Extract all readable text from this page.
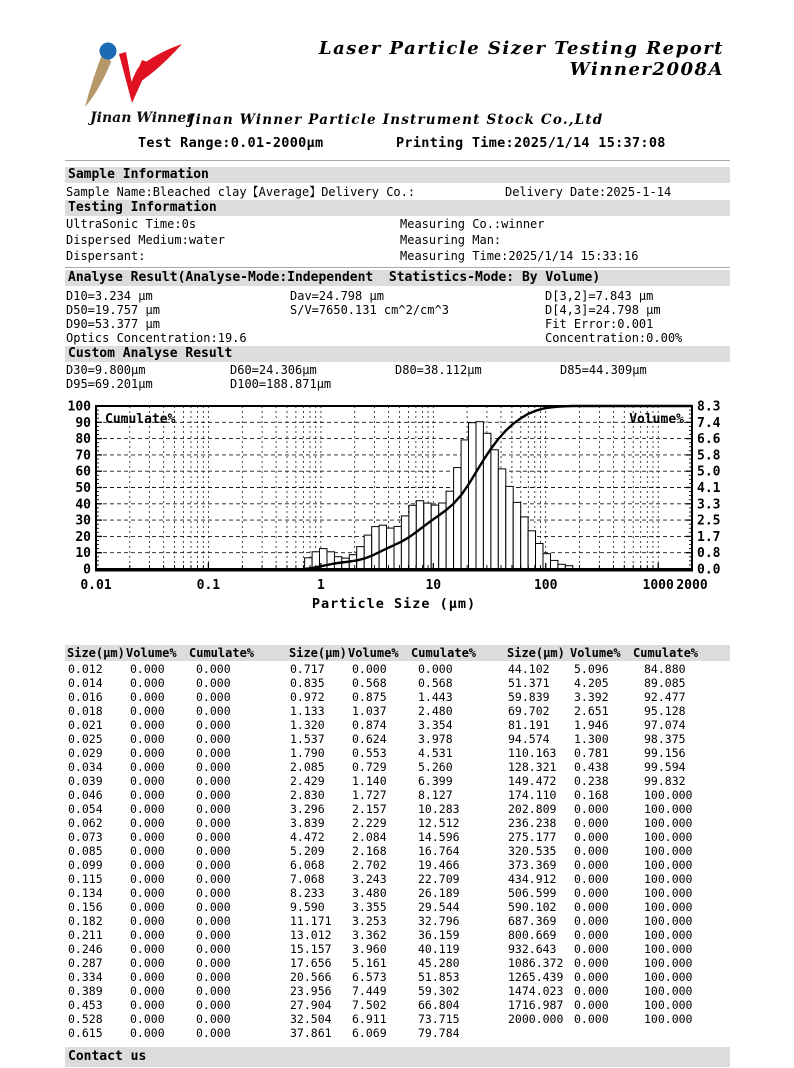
Jinan Winner
Laser Particle Sizer Testing Report
Winner2008A
Jinan Winner Particle Instrument Stock Co.,Ltd
Test Range:0.01-2000μm	Printing Time:2025/1/14 15:37:08
Sample Information
Sample Name:Bleached clay【Average】Delivery Co.:	Delivery Date:2025-1-14
Testing Information
UltraSonic Time:0s	Measuring Co.:winner
Dispersed Medium:water	Measuring Man:
Dispersant:	Measuring Time:2025/1/14 15:33:16
Analyse Result(Analyse-Mode:Independent  Statistics-Mode: By Volume)
D10=3.234 μm
D50=19.757 μm
D90=53.377 μm
Optics Concentration:19.6
Dav=24.798 μm
S/V=7650.131 cm^2/cm^3
D[3,2]=7.843 μm
D[4,3]=24.798 μm
Fit Error:0.001
Concentration:0.00%
Custom Analyse Result
D30=9.800μm	D60=24.306μm	D80=38.112μm	D85=44.309μm
D95=69.201μm	D100=188.871μm
0
10
20
30
40
50
60
70
80
90
100	8.3
7.4
6.6
5.8
5.0
4.1
3.3
2.5
1.7
0.8
0.0
0.01	0.1	1	10	100	1000 2000
Cumulate%	Volume%
Particle Size (μm)
Size(μm) Volume% Cumulate%	Size(μm) Volume% Cumulate%	Size(μm) Volume% Cumulate%
0.012 0.000	0.000	0.717 0.000	0.000	44.102 5.096	84.880
0.014 0.000	0.000	0.835 0.568	0.568	51.371 4.205	89.085
0.016 0.000	0.000	0.972 0.875	1.443	59.839 3.392	92.477
0.018 0.000	0.000	1.133 1.037	2.480	69.702 2.651	95.128
0.021 0.000	0.000	1.320 0.874	3.354	81.191 1.946	97.074
0.025 0.000	0.000	1.537 0.624	3.978	94.574 1.300	98.375
0.029 0.000	0.000	1.790 0.553	4.531	110.163 0.781	99.156
0.034 0.000	0.000	2.085 0.729	5.260	128.321 0.438	99.594
0.039 0.000	0.000	2.429 1.140	6.399	149.472 0.238	99.832
0.046 0.000	0.000	2.830 1.727	8.127	174.110 0.168	100.000
0.054 0.000	0.000	3.296 2.157	10.283	202.809 0.000	100.000
0.062 0.000	0.000	3.839 2.229	12.512	236.238 0.000	100.000
0.073 0.000	0.000	4.472 2.084	14.596	275.177 0.000	100.000
0.085 0.000	0.000	5.209 2.168	16.764	320.535 0.000	100.000
0.099 0.000	0.000	6.068 2.702	19.466	373.369 0.000	100.000
0.115 0.000	0.000	7.068 3.243	22.709	434.912 0.000	100.000
0.134 0.000	0.000	8.233 3.480	26.189	506.599 0.000	100.000
0.156 0.000	0.000	9.590 3.355	29.544	590.102 0.000	100.000
0.182 0.000	0.000	11.171 3.253	32.796	687.369 0.000	100.000
0.211 0.000	0.000	13.012 3.362	36.159	800.669 0.000	100.000
0.246 0.000	0.000	15.157 3.960	40.119	932.643 0.000	100.000
0.287 0.000	0.000	17.656 5.161	45.280	1086.372 0.000	100.000
0.334 0.000	0.000	20.566 6.573	51.853	1265.439 0.000	100.000
0.389 0.000	0.000	23.956 7.449	59.302	1474.023 0.000	100.000
0.453 0.000	0.000	27.904 7.502	66.804	1716.987 0.000	100.000
0.528 0.000	0.000	32.504 6.911	73.715	2000.000 0.000	100.000
0.615 0.000	0.000	37.861 6.069	79.784
Contact us
